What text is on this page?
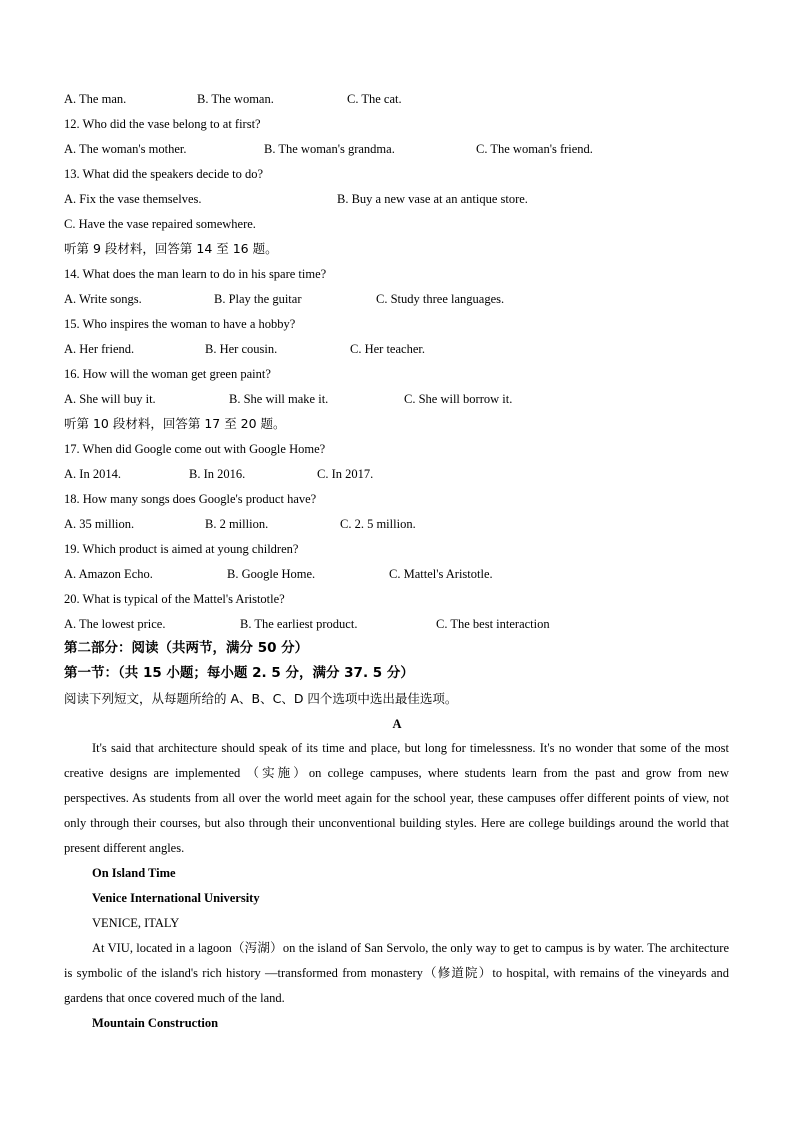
A. The man.	B. The woman.	C. The cat.
12. Who did the vase belong to at first?
A. The woman's mother.	B. The woman's grandma.	C. The woman's friend.
13. What did the speakers decide to do?
A. Fix the vase themselves.	B. Buy a new vase at an antique store.
C. Have the vase repaired somewhere.
听第 9 段材料，回答第 14 至 16 题。
14. What does the man learn to do in his spare time?
A. Write songs.	B. Play the guitar	C. Study three languages.
15. Who inspires the woman to have a hobby?
A. Her friend.	B. Her cousin.	C. Her teacher.
16. How will the woman get green paint?
A. She will buy it.	B. She will make it.	C. She will borrow it.
听第 10 段材料，回答第 17 至 20 题。
17. When did Google come out with Google Home?
A. In 2014.	B. In 2016.	C. In 2017.
18. How many songs does Google's product have?
A. 35 million.	B. 2 million.	C. 2. 5 million.
19. Which product is aimed at young children?
A. Amazon Echo.	B. Google Home.	C. Mattel's Aristotle.
20. What is typical of the Mattel's Aristotle?
A. The lowest price.	B. The earliest product.	C. The best interaction
第二部分：阅读（共两节，满分 50 分）
第一节：（共 15 小题；每小题 2. 5 分，满分 37. 5 分）
阅读下列短文，从每题所给的 A、B、C、D 四个选项中选出最佳选项。
A
It's said that architecture should speak of its time and place, but long for timelessness. It's no wonder that some of the most creative designs are implemented （实施）on college campuses, where students learn from the past and grow from new perspectives. As students from all over the world meet again for the school year, these campuses offer different points of view, not only through their courses, but also through their unconventional building styles. Here are college buildings around the world that present different angles.
On Island Time
Venice International University
VENICE, ITALY
At VIU, located in a lagoon（泻湖）on the island of San Servolo, the only way to get to campus is by water. The architecture is symbolic of the island's rich history —transformed from monastery（修道院）to hospital, with remains of the vineyards and gardens that once covered much of the land.
Mountain Construction
